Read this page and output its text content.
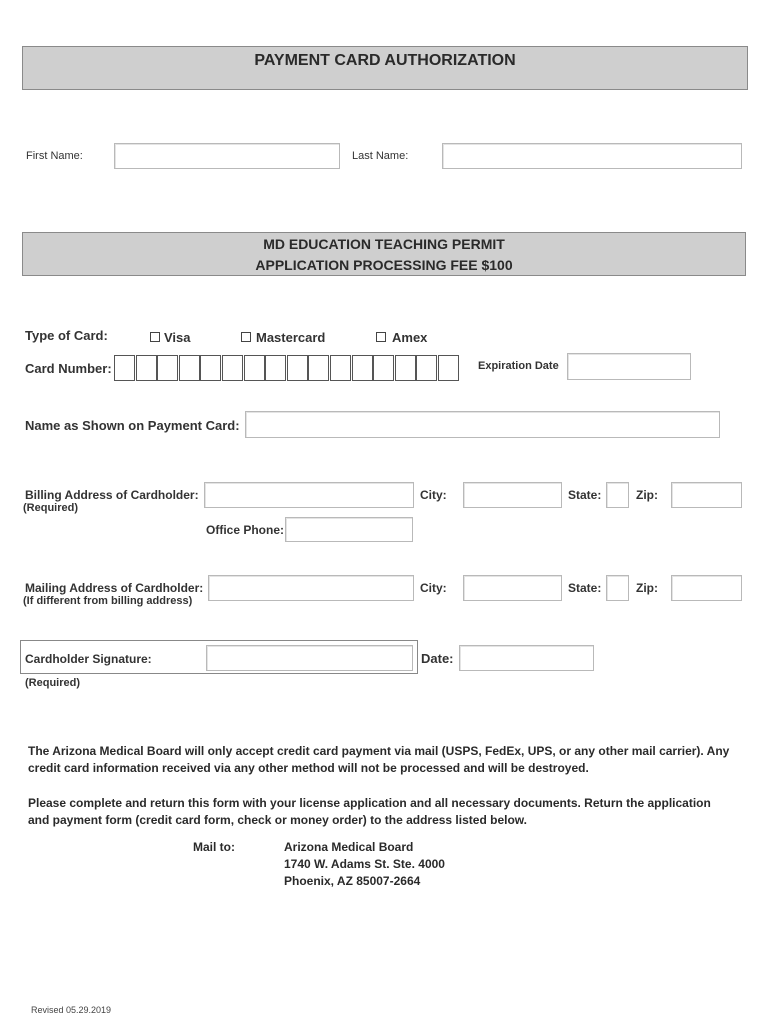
PAYMENT CARD AUTHORIZATION
First Name:	Last Name:
MD EDUCATION TEACHING PERMIT
APPLICATION PROCESSING FEE $100
Type of Card:	Visa	Mastercard	Amex
Card Number:	Expiration Date
Name as Shown on Payment Card:
Billing Address of Cardholder:
(Required)
City:	State:	Zip:
Office Phone:
Mailing Address of Cardholder:
(If different from billing address)
City:	State:	Zip:
Cardholder Signature:	Date:
(Required)
The Arizona Medical Board will only accept credit card payment via mail (USPS, FedEx, UPS, or any other mail carrier). Any
credit card information received via any other method will not be processed and will be destroyed.
Please complete and return this form with your license application and all necessary documents. Return the application
and payment form (credit card form, check or money order) to the address listed below.
Mail to:	Arizona Medical Board
1740 W. Adams St. Ste. 4000
Phoenix, AZ 85007-2664
Revised 05.29.2019
